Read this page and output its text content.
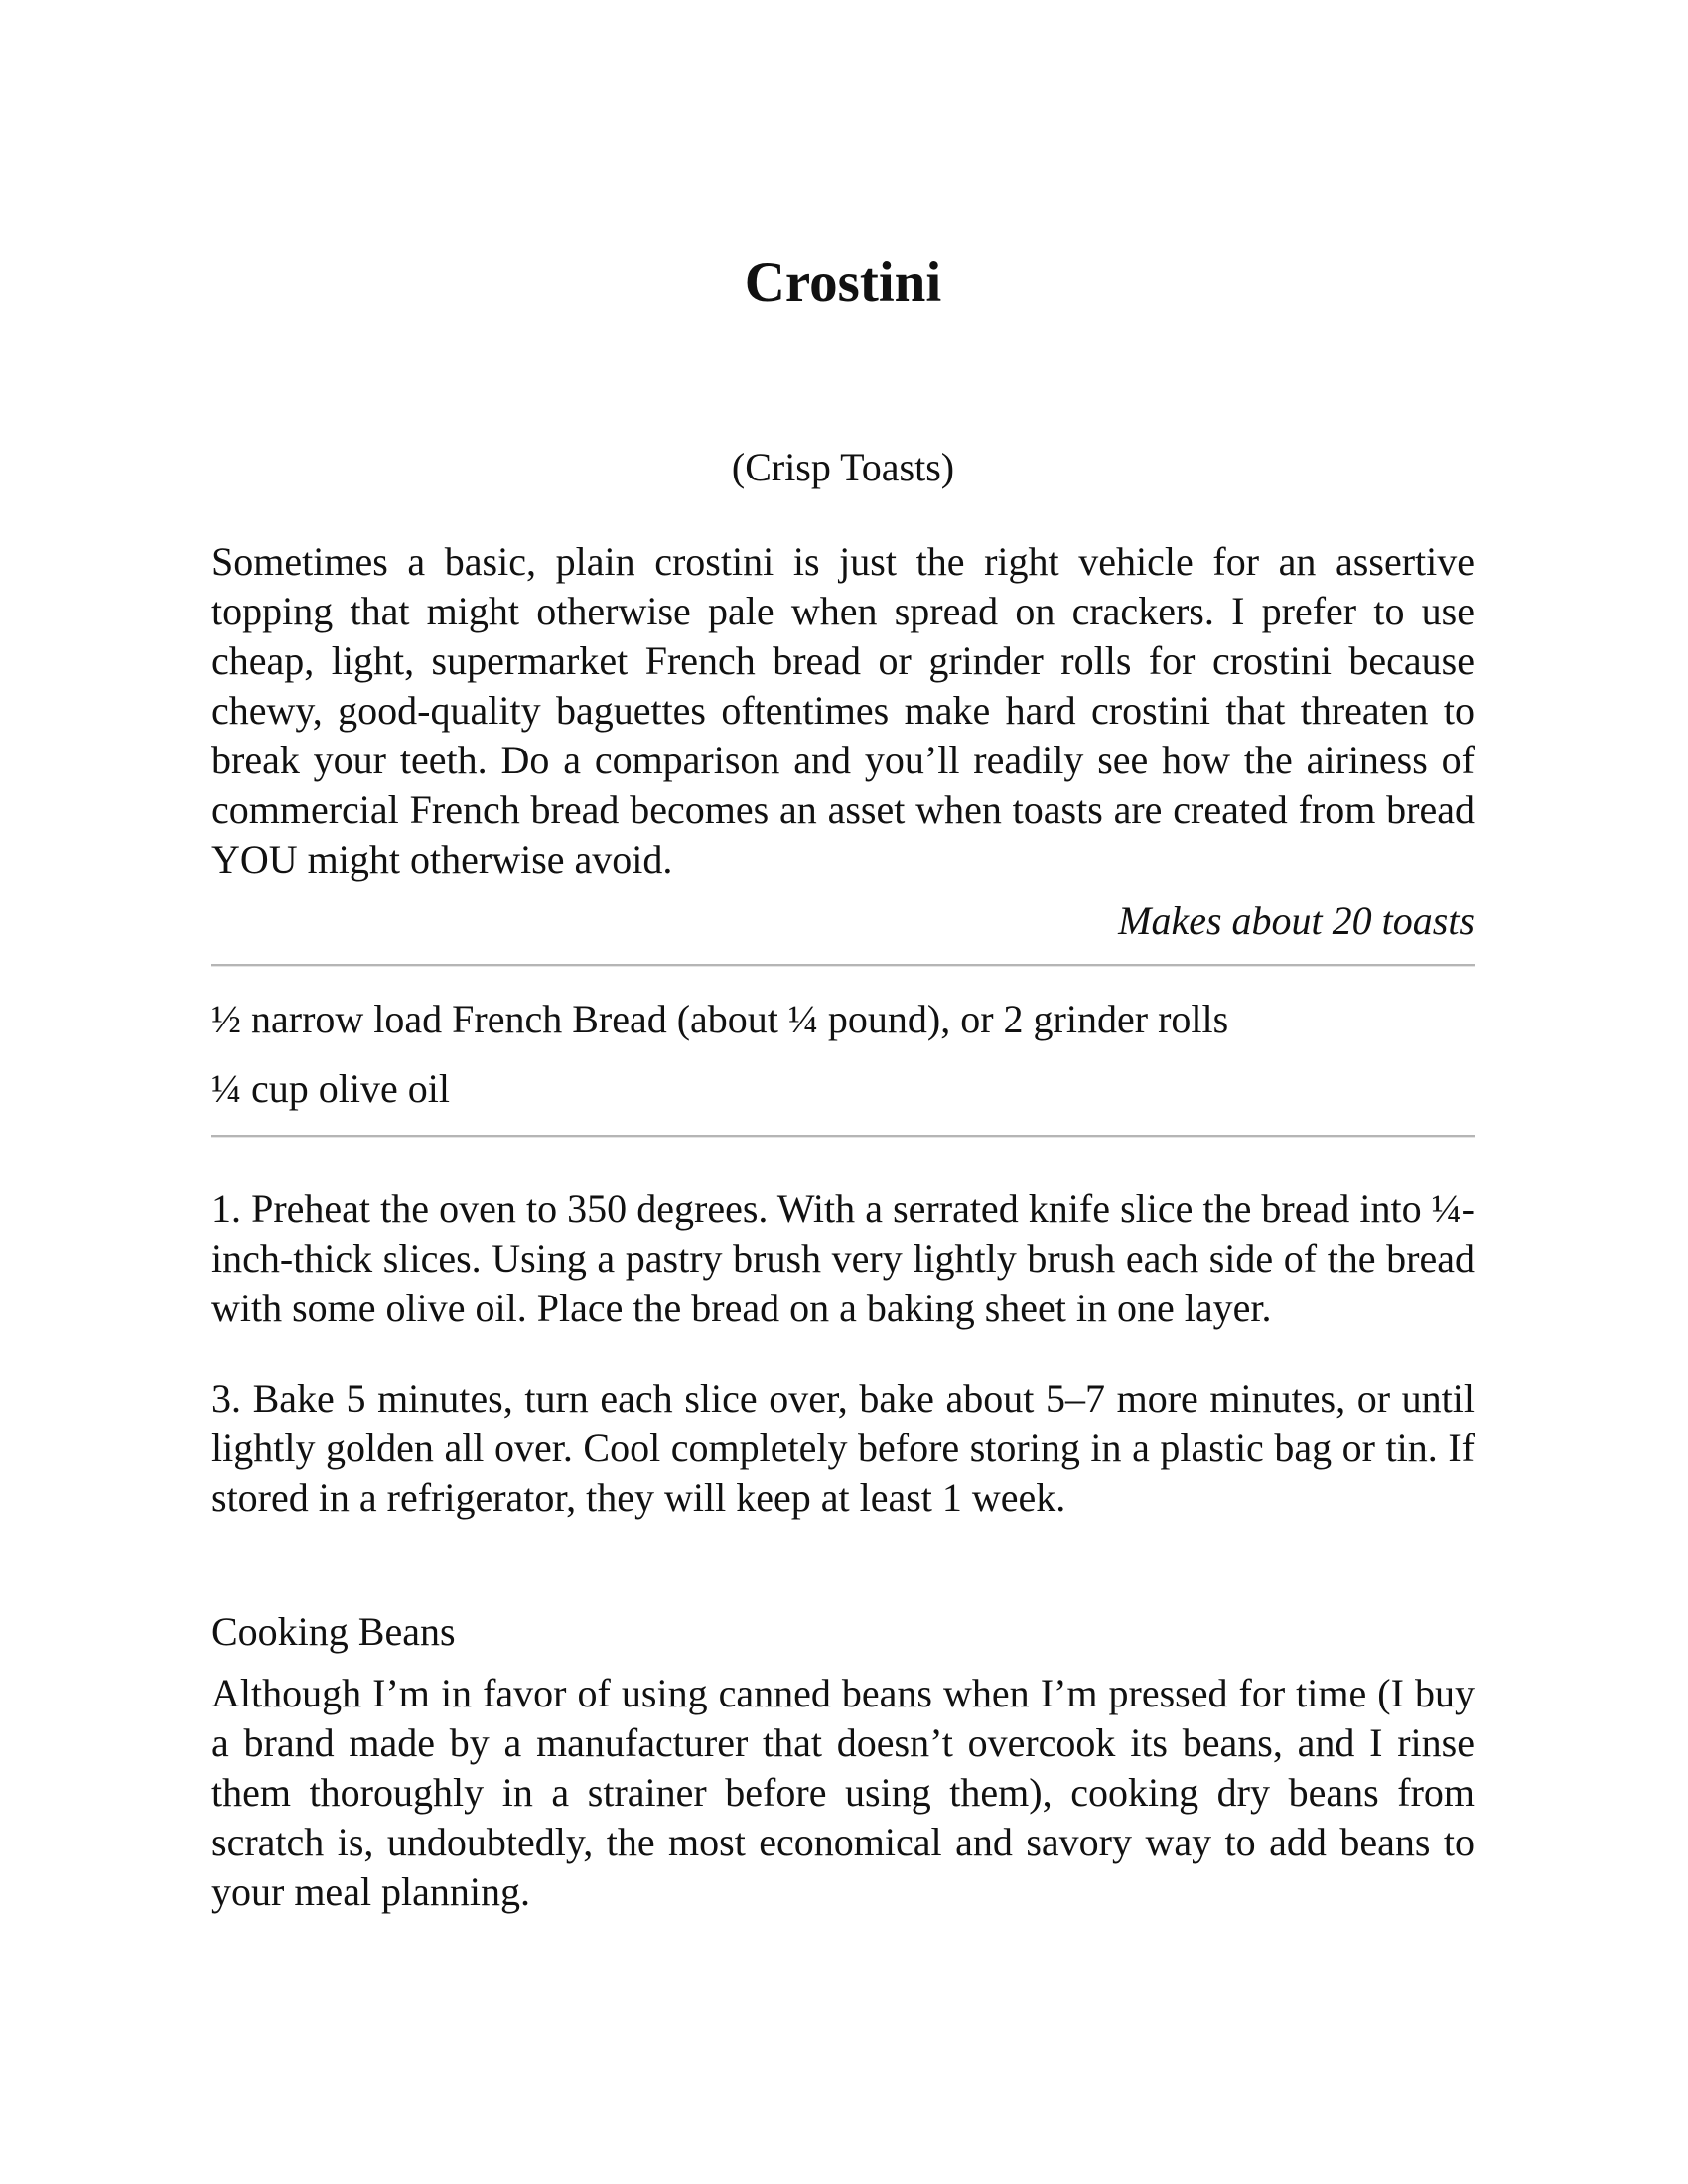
Crostini

(Crisp Toasts)

Sometimes a basic, plain crostini is just the right vehicle for an assertive topping that might otherwise pale when spread on crackers. I prefer to use cheap, light, supermarket French bread or grinder rolls for crostini because chewy, good-quality baguettes oftentimes make hard crostini that threaten to break your teeth. Do a comparison and you’ll readily see how the airiness of commercial French bread becomes an asset when toasts are created from bread YOU might otherwise avoid.

Makes about 20 toasts

½ narrow load French Bread (about ¼ pound), or 2 grinder rolls
¼ cup olive oil

1. Preheat the oven to 350 degrees. With a serrated knife slice the bread into ¼-inch-thick slices. Using a pastry brush very lightly brush each side of the bread with some olive oil. Place the bread on a baking sheet in one layer.

3. Bake 5 minutes, turn each slice over, bake about 5–7 more minutes, or until lightly golden all over. Cool completely before storing in a plastic bag or tin. If stored in a refrigerator, they will keep at least 1 week.

Cooking Beans

Although I’m in favor of using canned beans when I’m pressed for time (I buy a brand made by a manufacturer that doesn’t overcook its beans, and I rinse them thoroughly in a strainer before using them), cooking dry beans from scratch is, undoubtedly, the most economical and savory way to add beans to your meal planning.
